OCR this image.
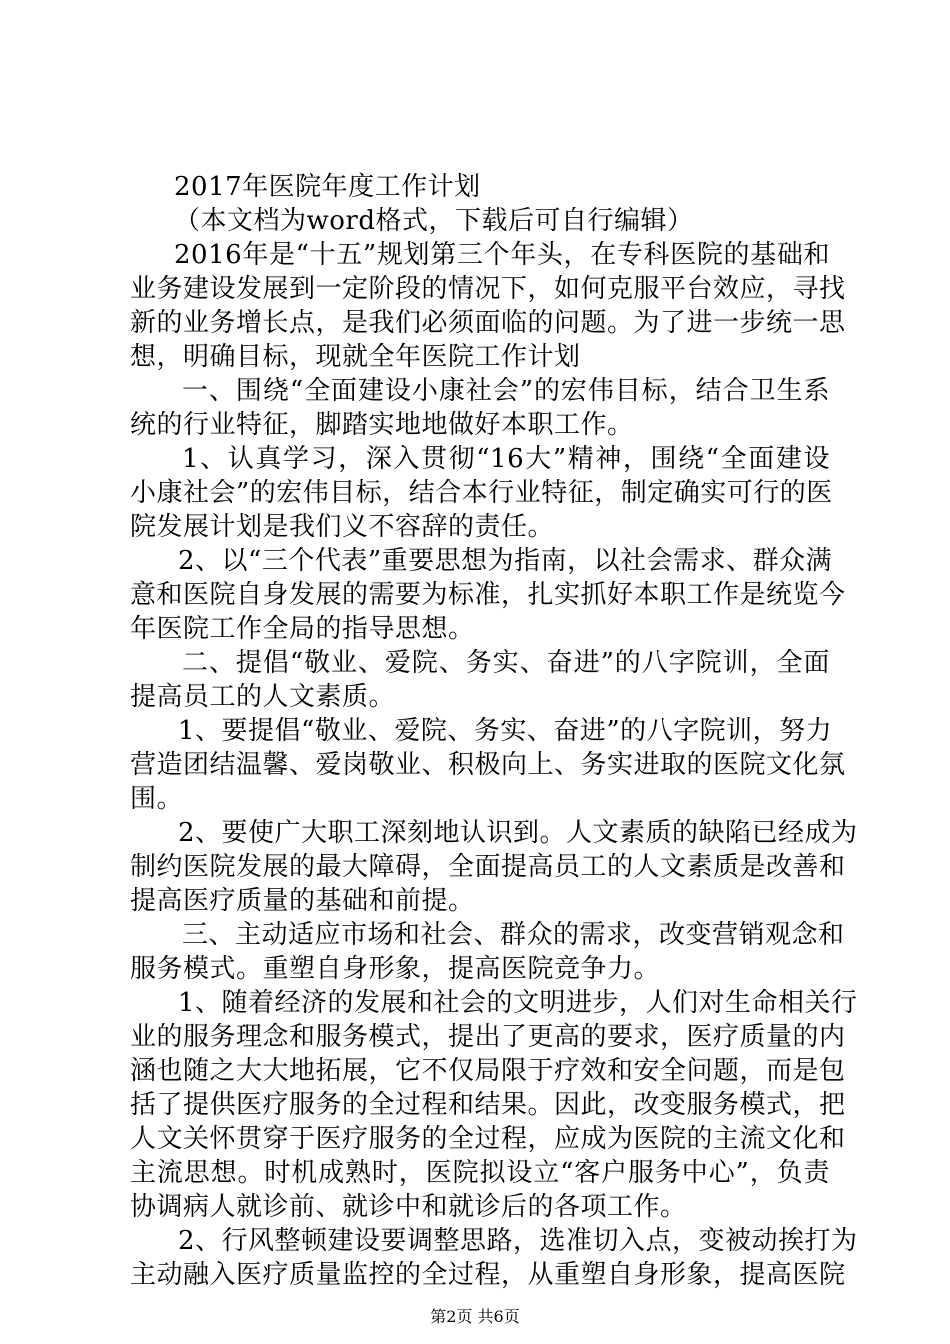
2017年医院年度工作计划
（本文档为word格式，下载后可自行编辑）
2016年是“十五”规划第三个年头，在专科医院的基础和
业务建设发展到一定阶段的情况下，如何克服平台效应，寻找
新的业务增长点，是我们必须面临的问题。为了进一步统一思
想，明确目标，现就全年医院工作计划
一、围绕“全面建设小康社会”的宏伟目标，结合卫生系
统的行业特征，脚踏实地地做好本职工作。
1、认真学习，深入贯彻“16大”精神，围绕“全面建设
小康社会”的宏伟目标，结合本行业特征，制定确实可行的医
院发展计划是我们义不容辞的责任。
2、以“三个代表”重要思想为指南，以社会需求、群众满
意和医院自身发展的需要为标准，扎实抓好本职工作是统览今
年医院工作全局的指导思想。
二、提倡“敬业、爱院、务实、奋进”的八字院训，全面
提高员工的人文素质。
1、要提倡“敬业、爱院、务实、奋进”的八字院训，努力
营造团结温馨、爱岗敬业、积极向上、务实进取的医院文化氛
围。
2、要使广大职工深刻地认识到。人文素质的缺陷已经成为
制约医院发展的最大障碍，全面提高员工的人文素质是改善和
提高医疗质量的基础和前提。
三、主动适应市场和社会、群众的需求，改变营销观念和
服务模式。重塑自身形象，提高医院竞争力。
1、随着经济的发展和社会的文明进步，人们对生命相关行
业的服务理念和服务模式，提出了更高的要求，医疗质量的内
涵也随之大大地拓展，它不仅局限于疗效和安全问题，而是包
括了提供医疗服务的全过程和结果。因此，改变服务模式，把
人文关怀贯穿于医疗服务的全过程，应成为医院的主流文化和
主流思想。时机成熟时，医院拟设立“客户服务中心”，负责
协调病人就诊前、就诊中和就诊后的各项工作。
2、行风整顿建设要调整思路，选准切入点，变被动挨打为
主动融入医疗质量监控的全过程，从重塑自身形象，提高医院
第2页 共6页
